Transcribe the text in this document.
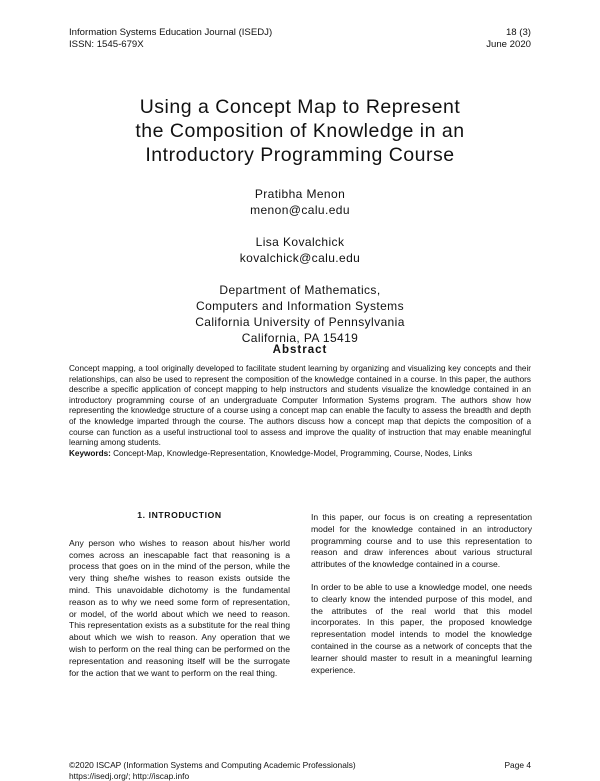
Information Systems Education Journal (ISEDJ)
ISSN: 1545-679X
18 (3)
June 2020
Using a Concept Map to Represent
the Composition of Knowledge in an
Introductory Programming Course
Pratibha Menon
menon@calu.edu
Lisa Kovalchick
kovalchick@calu.edu
Department of Mathematics,
Computers and Information Systems
California University of Pennsylvania
California, PA 15419
Abstract
Concept mapping, a tool originally developed to facilitate student learning by organizing and visualizing key concepts and their relationships, can also be used to represent the composition of the knowledge contained in a course. In this paper, the authors describe a specific application of concept mapping to help instructors and students visualize the knowledge contained in an introductory programming course of an undergraduate Computer Information Systems program. The authors show how representing the knowledge structure of a course using a concept map can enable the faculty to assess the breadth and depth of the knowledge imparted through the course. The authors discuss how a concept map that depicts the composition of a course can function as a useful instructional tool to assess and improve the quality of instruction that may enable meaningful learning among students.
Keywords: Concept-Map, Knowledge-Representation, Knowledge-Model, Programming, Course, Nodes, Links
1. INTRODUCTION

Any person who wishes to reason about his/her world comes across an inescapable fact that reasoning is a process that goes on in the mind of the person, while the very thing she/he wishes to reason exists outside the mind. This unavoidable dichotomy is the fundamental reason as to why we need some form of representation, or model, of the world about which we need to reason. This representation exists as a substitute for the real thing about which we wish to reason. Any operation that we wish to perform on the real thing can be performed on the representation and reasoning itself will be the surrogate for the action that we want to perform on the real thing.

In this paper, our focus is on creating a representation model for the knowledge contained in an introductory programming course and to use this representation to reason and draw inferences about various structural attributes of the knowledge contained in a course.

In order to be able to use a knowledge model, one needs to clearly know the intended purpose of this model, and the attributes of the real world that this model incorporates. In this paper, the proposed knowledge representation model intends to model the knowledge contained in the course as a network of concepts that the learner should master to result in a meaningful learning experience.

©2020 ISCAP (Information Systems and Computing Academic Professionals)
https://isedj.org/; http://iscap.info
Page 4
